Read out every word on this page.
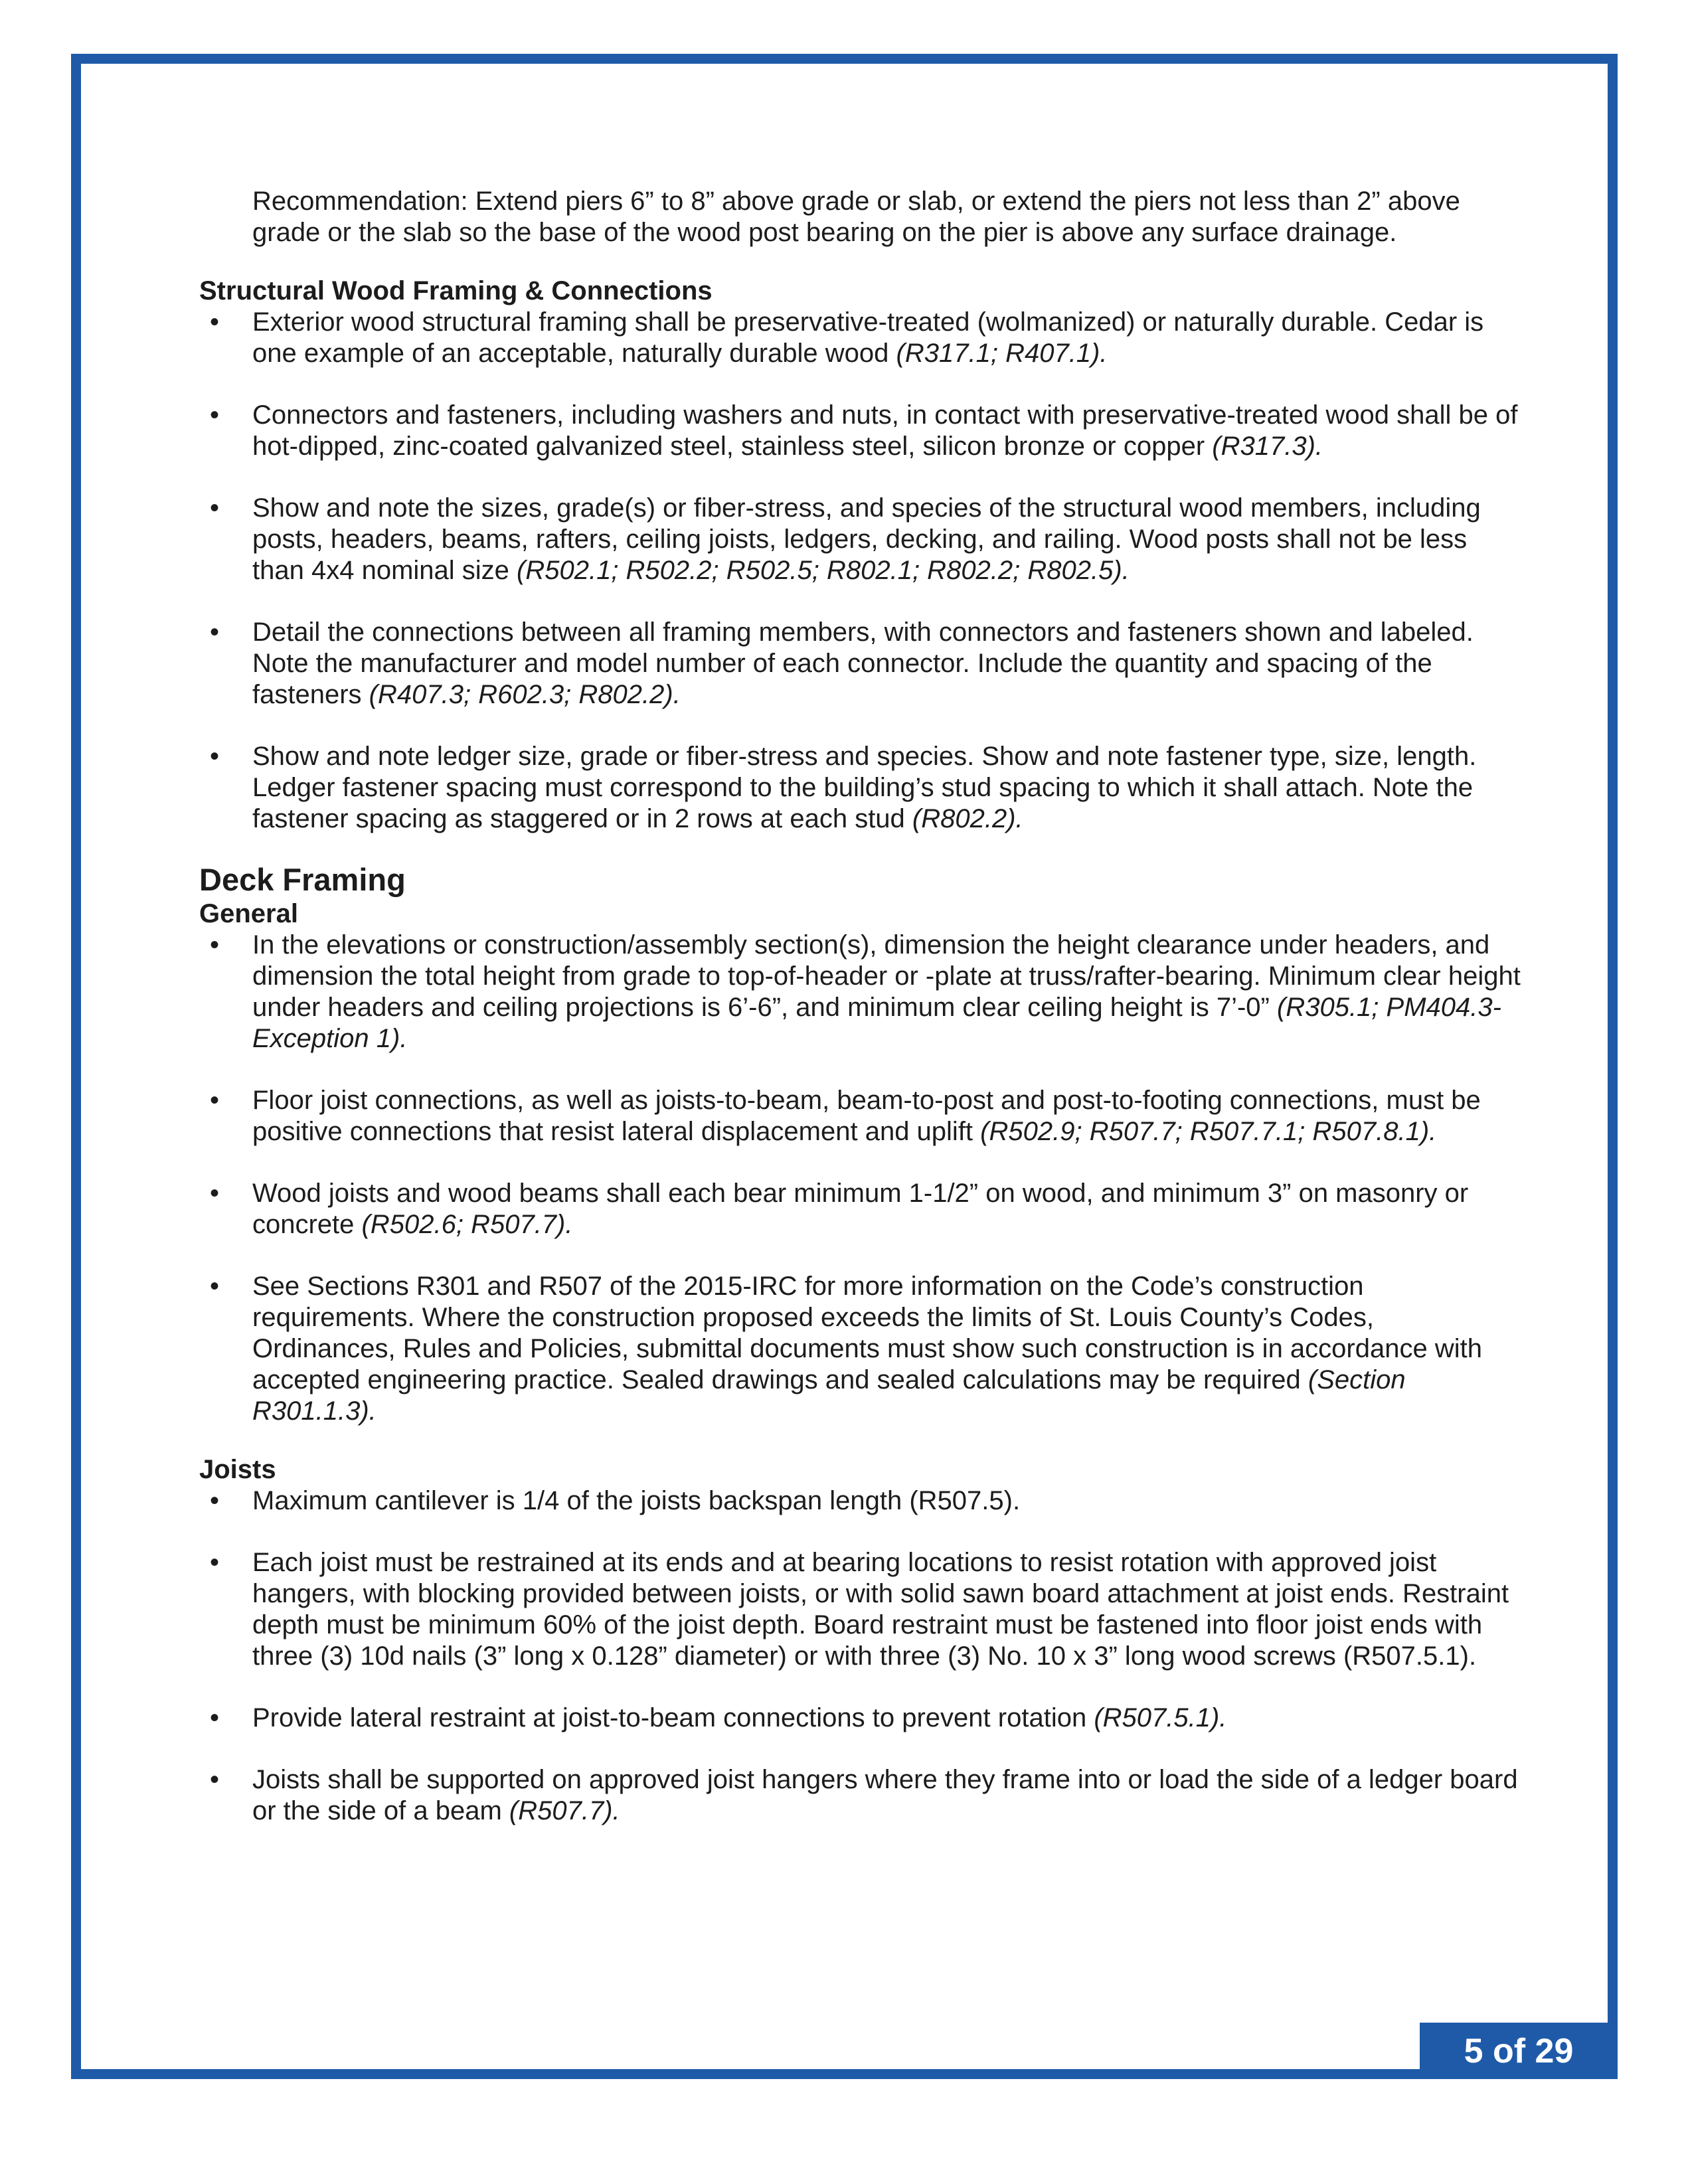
Recommendation: Extend piers 6” to 8” above grade or slab, or extend the piers not less than 2” above grade or the slab so the base of the wood post bearing on the pier is above any surface drainage.

Structural Wood Framing & Connections
• Exterior wood structural framing shall be preservative-treated (wolmanized) or naturally durable. Cedar is one example of an acceptable, naturally durable wood (R317.1; R407.1).
• Connectors and fasteners, including washers and nuts, in contact with preservative-treated wood shall be of hot-dipped, zinc-coated galvanized steel, stainless steel, silicon bronze or copper (R317.3).
• Show and note the sizes, grade(s) or fiber-stress, and species of the structural wood members, including posts, headers, beams, rafters, ceiling joists, ledgers, decking, and railing. Wood posts shall not be less than 4x4 nominal size (R502.1; R502.2; R502.5; R802.1; R802.2; R802.5).
• Detail the connections between all framing members, with connectors and fasteners shown and labeled. Note the manufacturer and model number of each connector. Include the quantity and spacing of the fasteners (R407.3; R602.3; R802.2).
• Show and note ledger size, grade or fiber-stress and species. Show and note fastener type, size, length. Ledger fastener spacing must correspond to the building’s stud spacing to which it shall attach. Note the fastener spacing as staggered or in 2 rows at each stud (R802.2).
Deck Framing
General
• In the elevations or construction/assembly section(s), dimension the height clearance under headers, and dimension the total height from grade to top-of-header or -plate at truss/rafter-bearing. Minimum clear height under headers and ceiling projections is 6’-6”, and minimum clear ceiling height is 7’-0” (R305.1; PM404.3-Exception 1).
• Floor joist connections, as well as joists-to-beam, beam-to-post and post-to-footing connections, must be positive connections that resist lateral displacement and uplift (R502.9; R507.7; R507.7.1; R507.8.1).
• Wood joists and wood beams shall each bear minimum 1-1/2” on wood, and minimum 3” on masonry or concrete (R502.6; R507.7).
• See Sections R301 and R507 of the 2015-IRC for more information on the Code’s construction requirements. Where the construction proposed exceeds the limits of St. Louis County’s Codes, Ordinances, Rules and Policies, submittal documents must show such construction is in accordance with accepted engineering practice. Sealed drawings and sealed calculations may be required (Section R301.1.3).
Joists
• Maximum cantilever is 1/4 of the joists backspan length (R507.5).
• Each joist must be restrained at its ends and at bearing locations to resist rotation with approved joist hangers, with blocking provided between joists, or with solid sawn board attachment at joist ends. Restraint depth must be minimum 60% of the joist depth. Board restraint must be fastened into floor joist ends with three (3) 10d nails (3” long x 0.128” diameter) or with three (3) No. 10 x 3” long wood screws (R507.5.1).
• Provide lateral restraint at joist-to-beam connections to prevent rotation (R507.5.1).
• Joists shall be supported on approved joist hangers where they frame into or load the side of a ledger board or the side of a beam (R507.7).
5 of 29
